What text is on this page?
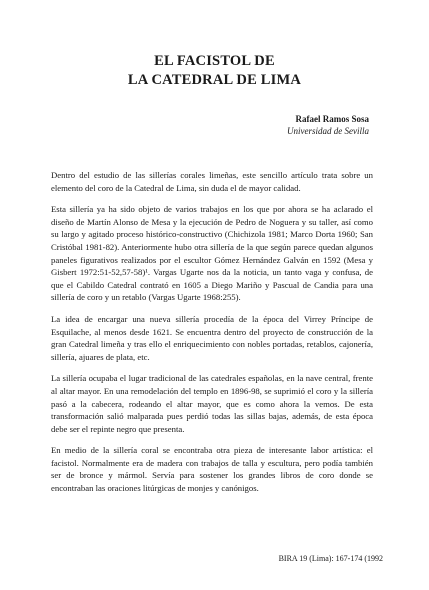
EL FACISTOL DE
LA CATEDRAL DE LIMA
Rafael Ramos Sosa
Universidad de Sevilla

Dentro del estudio de las sillerías corales limeñas, este sencillo artículo trata sobre un elemento del coro de la Catedral de Lima, sin duda el de mayor calidad.

Esta sillería ya ha sido objeto de varios trabajos en los que por ahora se ha aclarado el diseño de Martín Alonso de Mesa y la ejecución de Pedro de Noguera y su taller, así como su largo y agitado proceso histórico-constructivo (Chichizola 1981; Marco Dorta 1960; San Cristóbal 1981-82). Anteriormente hubo otra sillería de la que según parece quedan algunos paneles figurativos realizados por el escultor Gómez Hernández Galván en 1592 (Mesa y Gisbert 1972:51-52,57-58)¹. Vargas Ugarte nos da la noticia, un tanto vaga y confusa, de que el Cabildo Catedral contrató en 1605 a Diego Mariño y Pascual de Candia para una sillería de coro y un retablo (Vargas Ugarte 1968:255).

La idea de encargar una nueva sillería procedía de la época del Virrey Príncipe de Esquilache, al menos desde 1621. Se encuentra dentro del proyecto de construcción de la gran Catedral limeña y tras ello el enriquecimiento con nobles portadas, retablos, cajonería, sillería, ajuares de plata, etc.

La sillería ocupaba el lugar tradicional de las catedrales españolas, en la nave central, frente al altar mayor. En una remodelación del templo en 1896-98, se suprimió el coro y la sillería pasó a la cabecera, rodeando el altar mayor, que es como ahora la vemos. De esta transformación salió malparada pues perdió todas las sillas bajas, además, de esta época debe ser el repinte negro que presenta.

En medio de la sillería coral se encontraba otra pieza de interesante labor artística: el facistol. Normalmente era de madera con trabajos de talla y escultura, pero podía también ser de bronce y mármol. Servía para sostener los grandes libros de coro donde se encontraban las oraciones litúrgicas de monjes y canónigos.

BIRA 19 (Lima): 167-174 (1992
